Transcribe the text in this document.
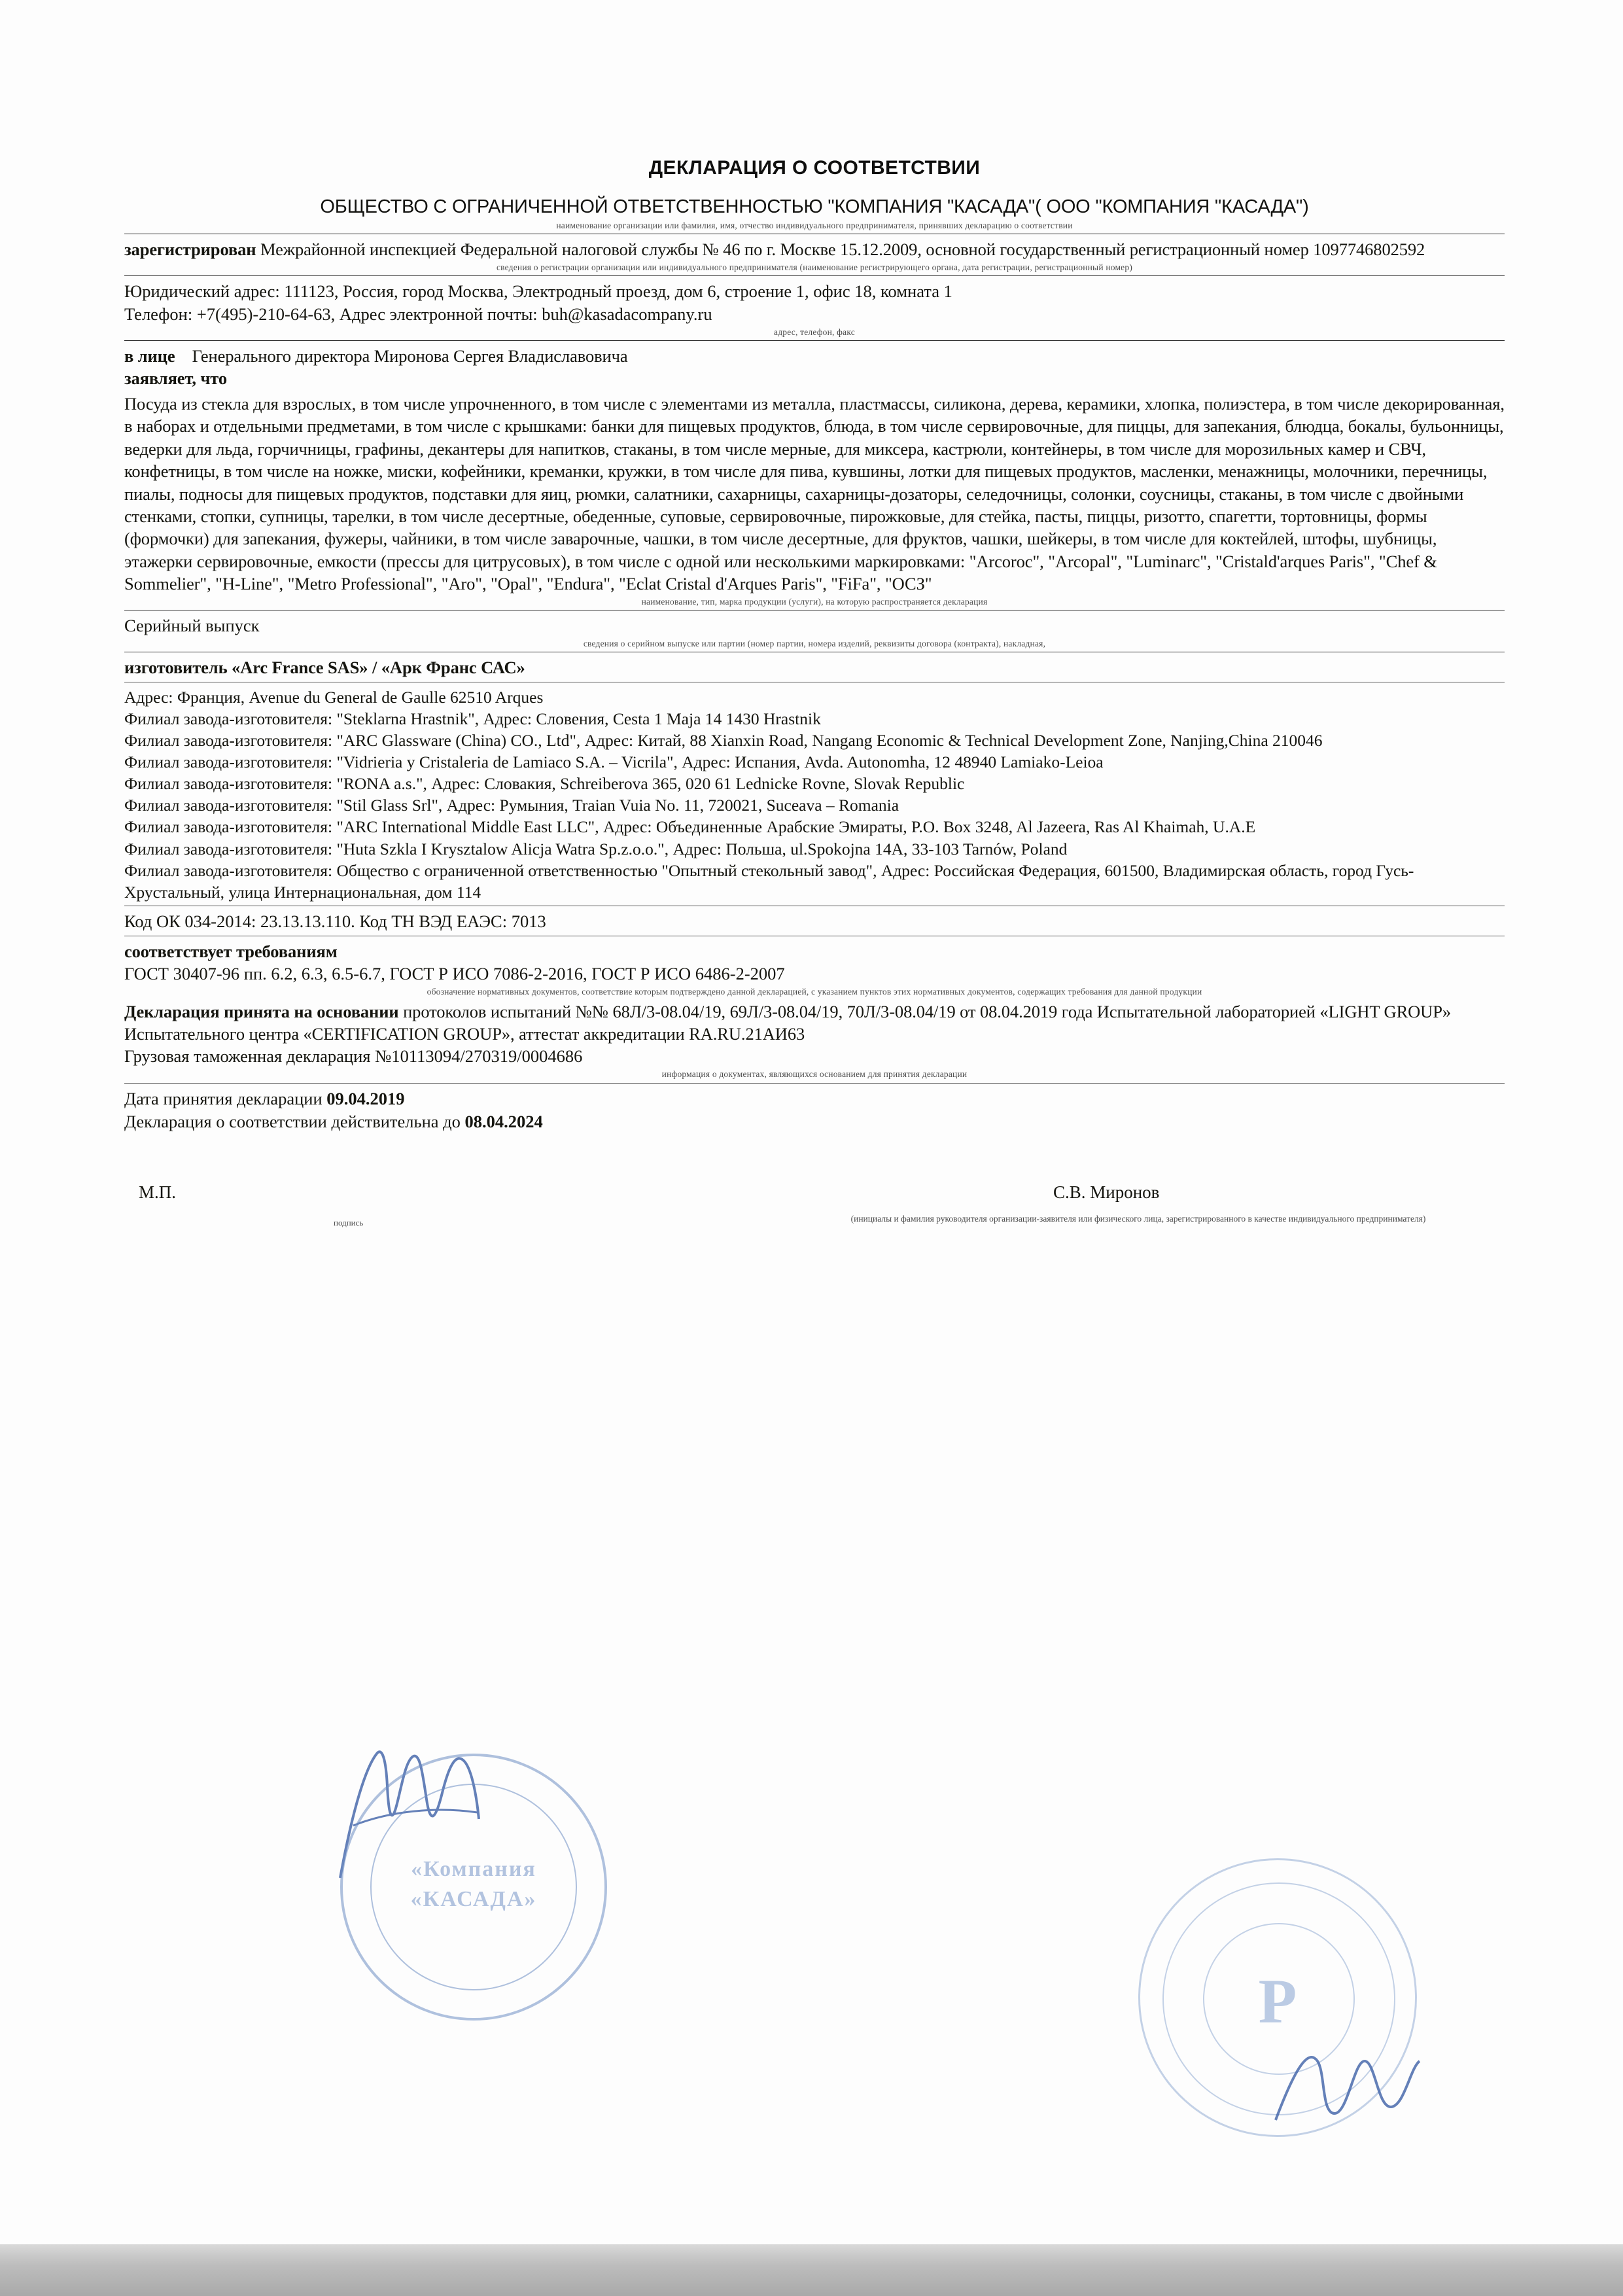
ДЕКЛАРАЦИЯ О СООТВЕТСТВИИ
ОБЩЕСТВО С ОГРАНИЧЕННОЙ ОТВЕТСТВЕННОСТЬЮ "КОМПАНИЯ "КАСАДА"( ООО "КОМПАНИЯ "КАСАДА")
наименование организации или фамилия, имя, отчество индивидуального предпринимателя, принявших декларацию о соответствии
зарегистрирован Межрайонной инспекцией Федеральной налоговой службы № 46 по г. Москве 15.12.2009, основной государственный регистрационный номер 1097746802592
сведения о регистрации организации или индивидуального предпринимателя (наименование регистрирующего органа, дата регистрации, регистрационный номер)
Юридический адрес: 111123, Россия, город Москва, Электродный проезд, дом 6, строение 1, офис 18, комната 1
Телефон: +7(495)-210-64-63, Адрес электронной почты: buh@kasadacompany.ru
адрес, телефон, факс
в лице Генерального директора Миронова Сергея Владиславовича
заявляет, что
Посуда из стекла для взрослых, в том числе упрочненного, в том числе с элементами из металла, пластмассы, силикона, дерева, керамики, хлопка, полиэстера, в том числе декорированная, в наборах и отдельными предметами, в том числе с крышками: банки для пищевых продуктов, блюда, в том числе сервировочные, для пиццы, для запекания, блюдца, бокалы, бульонницы, ведерки для льда, горчичницы, графины, декантеры для напитков, стаканы, в том числе мерные, для миксера, кастрюли, контейнеры, в том числе для морозильных камер и СВЧ, конфетницы, в том числе на ножке, миски, кофейники, креманки, кружки, в том числе для пива, кувшины, лотки для пищевых продуктов, масленки, менажницы, молочники, перечницы, пиалы, подносы для пищевых продуктов, подставки для яиц, рюмки, салатники, сахарницы, сахарницы-дозаторы, селедочницы, солонки, соусницы, стаканы, в том числе с двойными стенками, стопки, супницы, тарелки, в том числе десертные, обеденные, суповые, сервировочные, пирожковые, для стейка, пасты, пиццы, ризотто, спагетти, тортовницы, формы (формочки) для запекания, фужеры, чайники, в том числе заварочные, чашки, в том числе десертные, для фруктов, чашки, шейкеры, в том числе для коктейлей, штофы, шубницы, этажерки сервировочные, емкости (прессы для цитрусовых), в том числе с одной или несколькими маркировками: "Arcoroc", "Arcopal", "Luminarc", "Cristald'arques Paris", "Chef & Sommelier", "H-Line", "Metro Professional", "Aro", "Opal", "Endura", "Eclat Cristal d'Arques Paris", "FiFa", "ОСЗ"
наименование, тип, марка продукции (услуги), на которую распространяется декларация
Серийный выпуск
сведения о серийном выпуске или партии (номер партии, номера изделий, реквизиты договора (контракта), накладная,
изготовитель «Arc France SAS» / «Арк Франс САС»
Адрес: Франция, Avenue du General de Gaulle 62510 Arques
Филиал завода-изготовителя: "Steklarna Hrastnik", Адрес: Словения, Cesta 1 Maja 14 1430 Hrastnik
Филиал завода-изготовителя: "ARC Glassware (China) CO., Ltd", Адрес: Китай, 88 Xianxin Road, Nangang Economic & Technical Development Zone, Nanjing,China 210046
Филиал завода-изготовителя: "Vidrieria y Cristaleria de Lamiaco S.A. – Vicrila", Адрес: Испания, Avda. Autonomha, 12 48940 Lamiako-Leioa
Филиал завода-изготовителя: "RONA a.s.", Адрес: Словакия, Schreiberova 365, 020 61 Lednicke Rovne, Slovak Republic
Филиал завода-изготовителя: "Stil Glass Srl", Адрес: Румыния, Traian Vuia No. 11, 720021, Suceava – Romania
Филиал завода-изготовителя: "ARC International Middle East LLC", Адрес: Объединенные Арабские Эмираты, P.O. Box 3248, Al Jazeera, Ras Al Khaimah, U.A.E
Филиал завода-изготовителя: "Huta Szkla I Krysztalow Alicja Watra Sp.z.o.o.", Адрес: Польша, ul.Spokojna 14A, 33-103 Tarnów, Poland
Филиал завода-изготовителя: Общество с ограниченной ответственностью "Опытный стекольный завод", Адрес: Российская Федерация, 601500, Владимирская область, город Гусь-Хрустальный, улица Интернациональная, дом 114
Код ОК 034-2014: 23.13.13.110. Код ТН ВЭД ЕАЭС: 7013
соответствует требованиям
ГОСТ 30407-96 пп. 6.2, 6.3, 6.5-6.7, ГОСТ Р ИСО 7086-2-2016, ГОСТ Р ИСО 6486-2-2007
обозначение нормативных документов, соответствие которым подтверждено данной декларацией, с указанием пунктов этих нормативных документов, содержащих требования для данной продукции
Декларация принята на основании протоколов испытаний №№ 68Л/3-08.04/19, 69Л/3-08.04/19, 70Л/3-08.04/19 от 08.04.2019 года Испытательной лабораторией «LIGHT GROUP» Испытательного центра «CERTIFICATION GROUP», аттестат аккредитации RA.RU.21АИ63
Грузовая таможенная декларация №10113094/270319/0004686
информация о документах, являющихся основанием для принятия декларации
Дата принятия декларации 09.04.2019
Декларация о соответствии действительна до 08.04.2024
М.П.	С.В. Миронов
подпись	(инициалы и фамилия руководителя организации-заявителя или физического лица, зарегистрированного в качестве индивидуального предпринимателя)
«Компания
«КАСАДА»
Р
